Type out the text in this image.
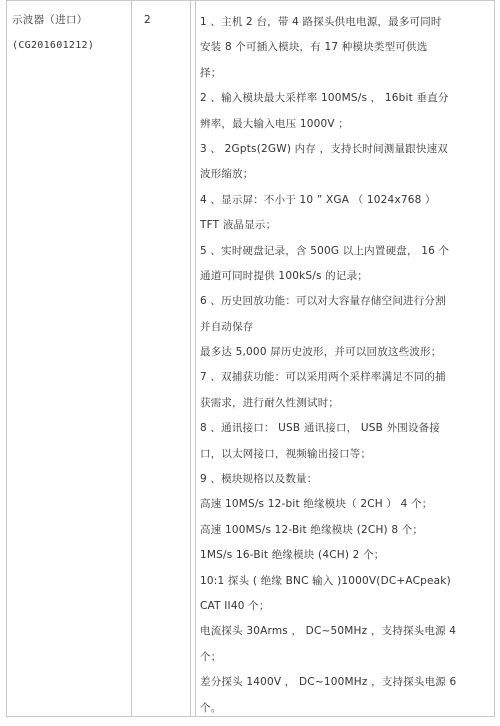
示波器（进口）
(CG201601212)
2	1 、主机 2 台，带 4 路探头供电电源，最多可同时
安装 8 个可插入模块，有 17 种模块类型可供选
择；
2 、输入模块最大采样率 100MS/s ， 16bit 垂直分
辨率，最大输入电压 1000V ；
3 、 2Gpts(2GW) 内存 ，支持长时间测量跟快速双
波形缩放；
4 、显示屏：不小于 10 ” XGA （ 1024x768 ）
TFT 液晶显示；
5 、实时硬盘记录，含 500G 以上内置硬盘， 16 个
通道可同时提供 100kS/s 的记录；
6 、历史回放功能：可以对大容量存储空间进行分割
并自动保存
最多达 5,000 屏历史波形，并可以回放这些波形；
7 、双捕获功能：可以采用两个采样率满足不同的捕
获需求，进行耐久性测试时；
8 、通讯接口： USB 通讯接口， USB 外围设备接
口，以太网接口，视频输出接口等；
9 、模块规格以及数量：
高速 10MS/s 12-bit 绝缘模块（ 2CH ） 4 个；
高速 100MS/s 12-Bit 绝缘模块 (2CH) 8 个；
1MS/s 16-Bit 绝缘模块 (4CH) 2 个；
10:1 探头 ( 绝缘 BNC 输入 )1000V(DC+ACpeak)
CAT II40 个；
电流探头 30Arms ， DC~50MHz ，支持探头电源 4
个；
差分探头 1400V ， DC~100MHz ，支持探头电源 6
个。
